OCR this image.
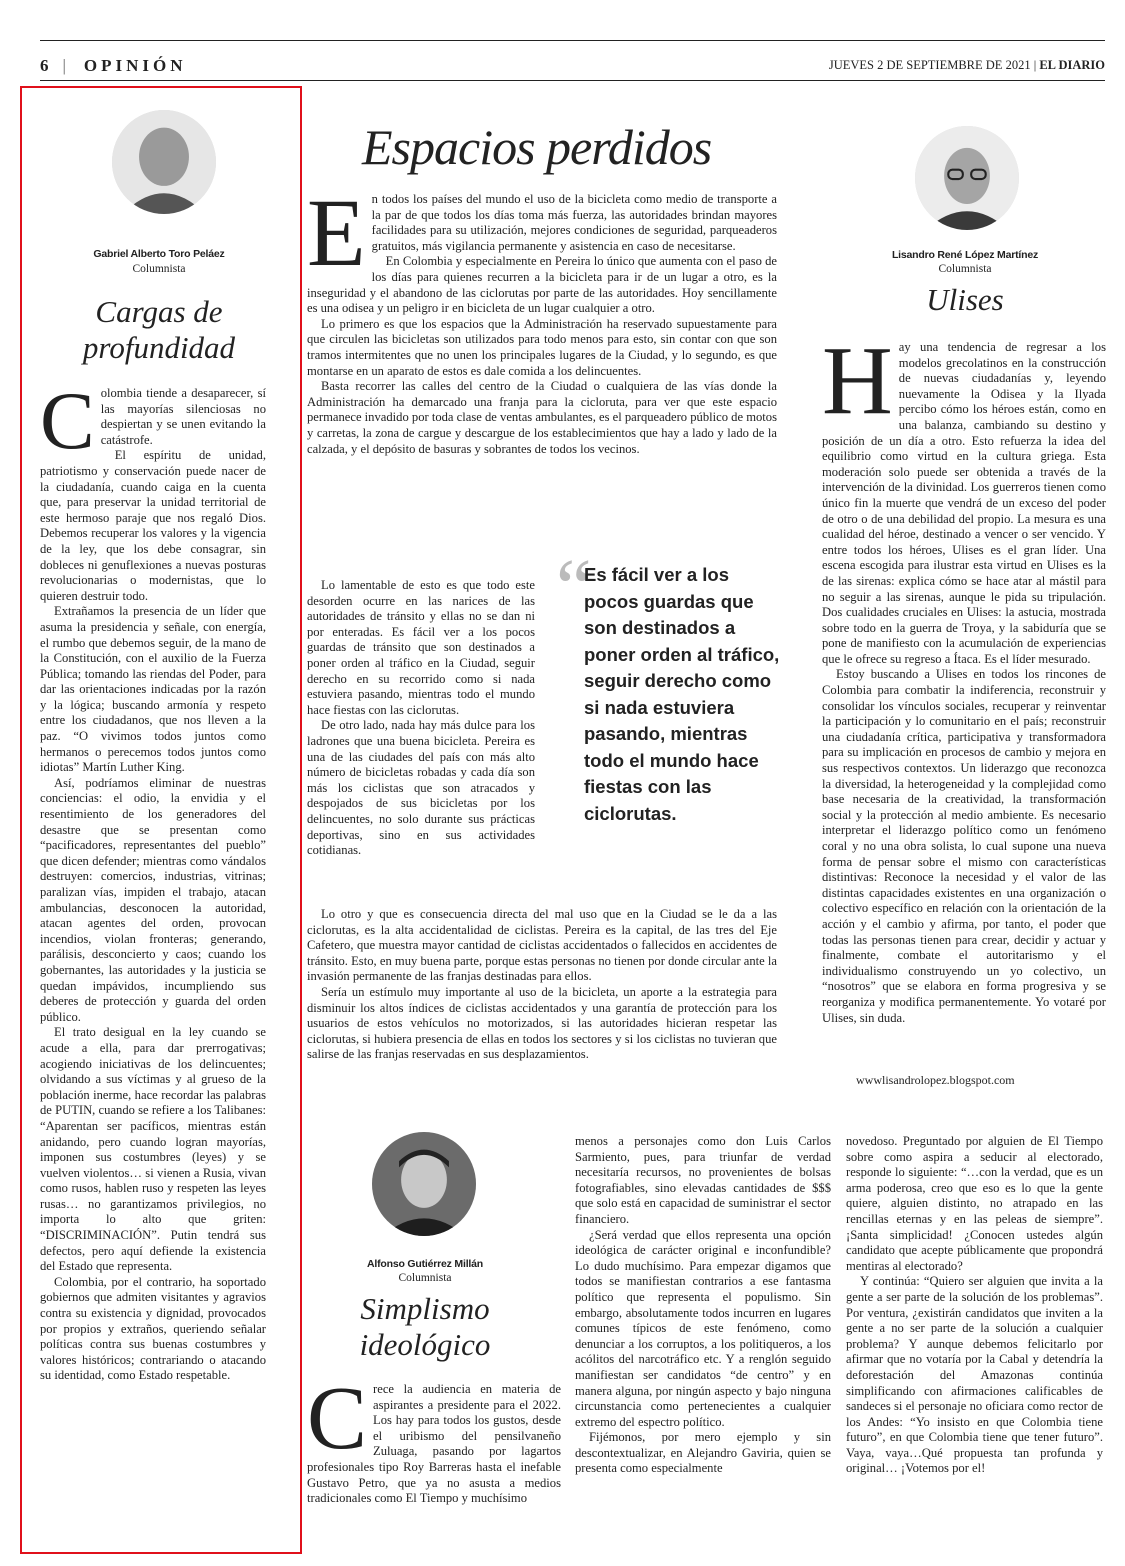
6 | OPINIÓN	JUEVES 2 DE SEPTIEMBRE DE 2021 | EL DIARIO
Gabriel Alberto Toro Peláez
Columnista
Cargas de profundidad

Colombia tiende a desaparecer, sí las mayorías silenciosas no despiertan y se unen evitando la catástrofe.

El espíritu de unidad, patriotismo y conservación puede nacer de la ciudadanía, cuando caiga en la cuenta que, para preservar la unidad territorial de este hermoso paraje que nos regaló Dios. Debemos recuperar los valores y la vigencia de la ley, que los debe consagrar, sin dobleces ni genuflexiones a nuevas posturas revolucionarias o modernistas, que lo quieren destruir todo.

Extrañamos la presencia de un líder que asuma la presidencia y señale, con energía, el rumbo que debemos seguir, de la mano de la Constitución, con el auxilio de la Fuerza Pública; tomando las riendas del Poder, para dar las orientaciones indicadas por la razón y la lógica; buscando armonía y respeto entre los ciudadanos, que nos lleven a la paz. “O vivimos todos juntos como hermanos o perecemos todos juntos como idiotas” Martín Luther King.

Así, podríamos eliminar de nuestras conciencias: el odio, la envidia y el resentimiento de los generadores del desastre que se presentan como “pacificadores, representantes del pueblo” que dicen defender; mientras como vándalos destruyen: comercios, industrias, vitrinas; paralizan vías, impiden el trabajo, atacan ambulancias, desconocen la autoridad, atacan agentes del orden, provocan incendios, violan fronteras; generando, parálisis, desconcierto y caos; cuando los gobernantes, las autoridades y la justicia se quedan impávidos, incumpliendo sus deberes de protección y guarda del orden público.

El trato desigual en la ley cuando se acude a ella, para dar prerrogativas; acogiendo iniciativas de los delincuentes; olvidando a sus víctimas y al grueso de la población inerme, hace recordar las palabras de PUTIN, cuando se refiere a los Talibanes: “Aparentan ser pacíficos, mientras están anidando, pero cuando logran mayorías, imponen sus costumbres (leyes) y se vuelven violentos… si vienen a Rusia, vivan como rusos, hablen ruso y respeten las leyes rusas… no garantizamos privilegios, no importa lo alto que griten: “DISCRIMINACIÓN”. Putin tendrá sus defectos, pero aquí defiende la existencia del Estado que representa.

Colombia, por el contrario, ha soportado gobiernos que admiten visitantes y agravios contra su existencia y dignidad, provocados por propios y extraños, queriendo señalar políticas contra sus buenas costumbres y valores históricos; contrariando o atacando su identidad, como Estado respetable.

Espacios perdidos

En todos los países del mundo el uso de la bicicleta como medio de transporte a la par de que todos los días toma más fuerza, las autoridades brindan mayores facilidades para su utilización, mejores condiciones de seguridad, parqueaderos gratuitos, más vigilancia permanente y asistencia en caso de necesitarse.

En Colombia y especialmente en Pereira lo único que aumenta con el paso de los días para quienes recurren a la bicicleta para ir de un lugar a otro, es la inseguridad y el abandono de las ciclorutas por parte de las autoridades. Hoy sencillamente es una odisea y un peligro ir en bicicleta de un lugar cualquier a otro.

Lo primero es que los espacios que la Administración ha reservado supuestamente para que circulen las bicicletas son utilizados para todo menos para esto, sin contar con que son tramos intermitentes que no unen los principales lugares de la Ciudad, y lo segundo, es que montarse en un aparato de estos es dale comida a los delincuentes.

Basta recorrer las calles del centro de la Ciudad o cualquiera de las vías donde la Administración ha demarcado una franja para la cicloruta, para ver que este espacio permanece invadido por toda clase de ventas ambulantes, es el parqueadero público de motos y carretas, la zona de cargue y descargue de los establecimientos que hay a lado y lado de la calzada, y el depósito de basuras y sobrantes de todos los vecinos.

Lo lamentable de esto es que todo este desorden ocurre en las narices de las autoridades de tránsito y ellas no se dan ni por enteradas. Es fácil ver a los pocos guardas de tránsito que son destinados a poner orden al tráfico en la Ciudad, seguir derecho en su recorrido como si nada estuviera pasando, mientras todo el mundo hace fiestas con las ciclorutas.

De otro lado, nada hay más dulce para los ladrones que una buena bicicleta. Pereira es una de las ciudades del país con más alto número de bicicletas robadas y cada día son más los ciclistas que son atracados y despojados de sus bicicletas por los delincuentes, no solo durante sus prácticas deportivas, sino en sus actividades cotidianas.

“
Es fácil ver a los pocos guardas que son destinados a poner orden al tráfico, seguir derecho como si nada estuviera pasando, mientras todo el mundo hace fiestas con las ciclorutas.

Lo otro y que es consecuencia directa del mal uso que en la Ciudad se le da a las ciclorutas, es la alta accidentalidad de ciclistas. Pereira es la capital, de las tres del Eje Cafetero, que muestra mayor cantidad de ciclistas accidentados o fallecidos en accidentes de tránsito. Esto, en muy buena parte, porque estas personas no tienen por donde circular ante la invasión permanente de las franjas destinadas para ellos.

Sería un estímulo muy importante al uso de la bicicleta, un aporte a la estrategia para disminuir los altos índices de ciclistas accidentados y una garantía de protección para los usuarios de estos vehículos no motorizados, si las autoridades hicieran respetar las ciclorutas, si hubiera presencia de ellas en todos los sectores y si los ciclistas no tuvieran que salirse de las franjas reservadas en sus desplazamientos.

Lisandro René López Martínez
Columnista
Ulises

Hay una tendencia de regresar a los modelos grecolatinos en la construcción de nuevas ciudadanías y, leyendo nuevamente la Odisea y la Ilyada percibo cómo los héroes están, como en una balanza, cambiando su destino y posición de un día a otro. Esto refuerza la idea del equilibrio como virtud en la cultura griega. Esta moderación solo puede ser obtenida a través de la intervención de la divinidad. Los guerreros tienen como único fin la muerte que vendrá de un exceso del poder de otro o de una debilidad del propio. La mesura es una cualidad del héroe, destinado a vencer o ser vencido. Y entre todos los héroes, Ulises es el gran líder. Una escena escogida para ilustrar esta virtud en Ulises es la de las sirenas: explica cómo se hace atar al mástil para no seguir a las sirenas, aunque le pida su tripulación. Dos cualidades cruciales en Ulises: la astucia, mostrada sobre todo en la guerra de Troya, y la sabiduría que se pone de manifiesto con la acumulación de experiencias que le ofrece su regreso a Ítaca. Es el líder mesurado.

Estoy buscando a Ulises en todos los rincones de Colombia para combatir la indiferencia, reconstruir y consolidar los vínculos sociales, recuperar y reinventar la participación y lo comunitario en el país; reconstruir una ciudadanía crítica, participativa y transformadora para su implicación en procesos de cambio y mejora en sus respectivos contextos. Un liderazgo que reconozca la diversidad, la heterogeneidad y la complejidad como base necesaria de la creatividad, la transformación social y la protección al medio ambiente. Es necesario interpretar el liderazgo político como un fenómeno coral y no una obra solista, lo cual supone una nueva forma de pensar sobre el mismo con características distintivas: Reconoce la necesidad y el valor de las distintas capacidades existentes en una organización o colectivo específico en relación con la orientación de la acción y el cambio y afirma, por tanto, el poder que todas las personas tienen para crear, decidir y actuar y finalmente, combate el autoritarismo y el individualismo construyendo un yo colectivo, un “nosotros” que se elabora en forma progresiva y se reorganiza y modifica permanentemente. Yo votaré por Ulises, sin duda.

wwwlisandrolopez.blogspot.com
Alfonso Gutiérrez Millán
Columnista
Simplismo ideológico

Crece la audiencia en materia de aspirantes a presidente para el 2022. Los hay para todos los gustos, desde el uribismo del pensilvaneño Zuluaga, pasando por lagartos profesionales tipo Roy Barreras hasta el inefable Gustavo Petro, que ya no asusta a medios tradicionales como El Tiempo y muchísimo

menos a personajes como don Luis Carlos Sarmiento, pues, para triunfar de verdad necesitaría recursos, no provenientes de bolsas fotografiables, sino elevadas cantidades de $$$ que solo está en capacidad de suministrar el sector financiero.

¿Será verdad que ellos representa una opción ideológica de carácter original e inconfundible? Lo dudo muchísimo. Para empezar digamos que todos se manifiestan contrarios a ese fantasma político que representa el populismo. Sin embargo, absolutamente todos incurren en lugares comunes típicos de este fenómeno, como denunciar a los corruptos, a los politiqueros, a los acólitos del narcotráfico etc. Y a renglón seguido manifiestan ser candidatos “de centro” y en manera alguna, por ningún aspecto y bajo ninguna circunstancia como pertenecientes a cualquier extremo del espectro político.

Fijémonos, por mero ejemplo y sin descontextualizar, en Alejandro Gaviria, quien se presenta como especialmente

novedoso. Preguntado por alguien de El Tiempo sobre como aspira a seducir al electorado, responde lo siguiente: “…con la verdad, que es un arma poderosa, creo que eso es lo que la gente quiere, alguien distinto, no atrapado en las rencillas eternas y en las peleas de siempre”. ¡Santa simplicidad! ¿Conocen ustedes algún candidato que acepte públicamente que propondrá mentiras al electorado?

Y continúa: “Quiero ser alguien que invita a la gente a ser parte de la solución de los problemas”. Por ventura, ¿existirán candidatos que inviten a la gente a no ser parte de la solución a cualquier problema? Y aunque debemos felicitarlo por afirmar que no votaría por la Cabal y detendría la deforestación del Amazonas continúa simplificando con afirmaciones calificables de sandeces si el personaje no oficiara como rector de los Andes: “Yo insisto en que Colombia tiene futuro”, en que Colombia tiene que tener futuro”. Vaya, vaya…Qué propuesta tan profunda y original… ¡Votemos por el!
